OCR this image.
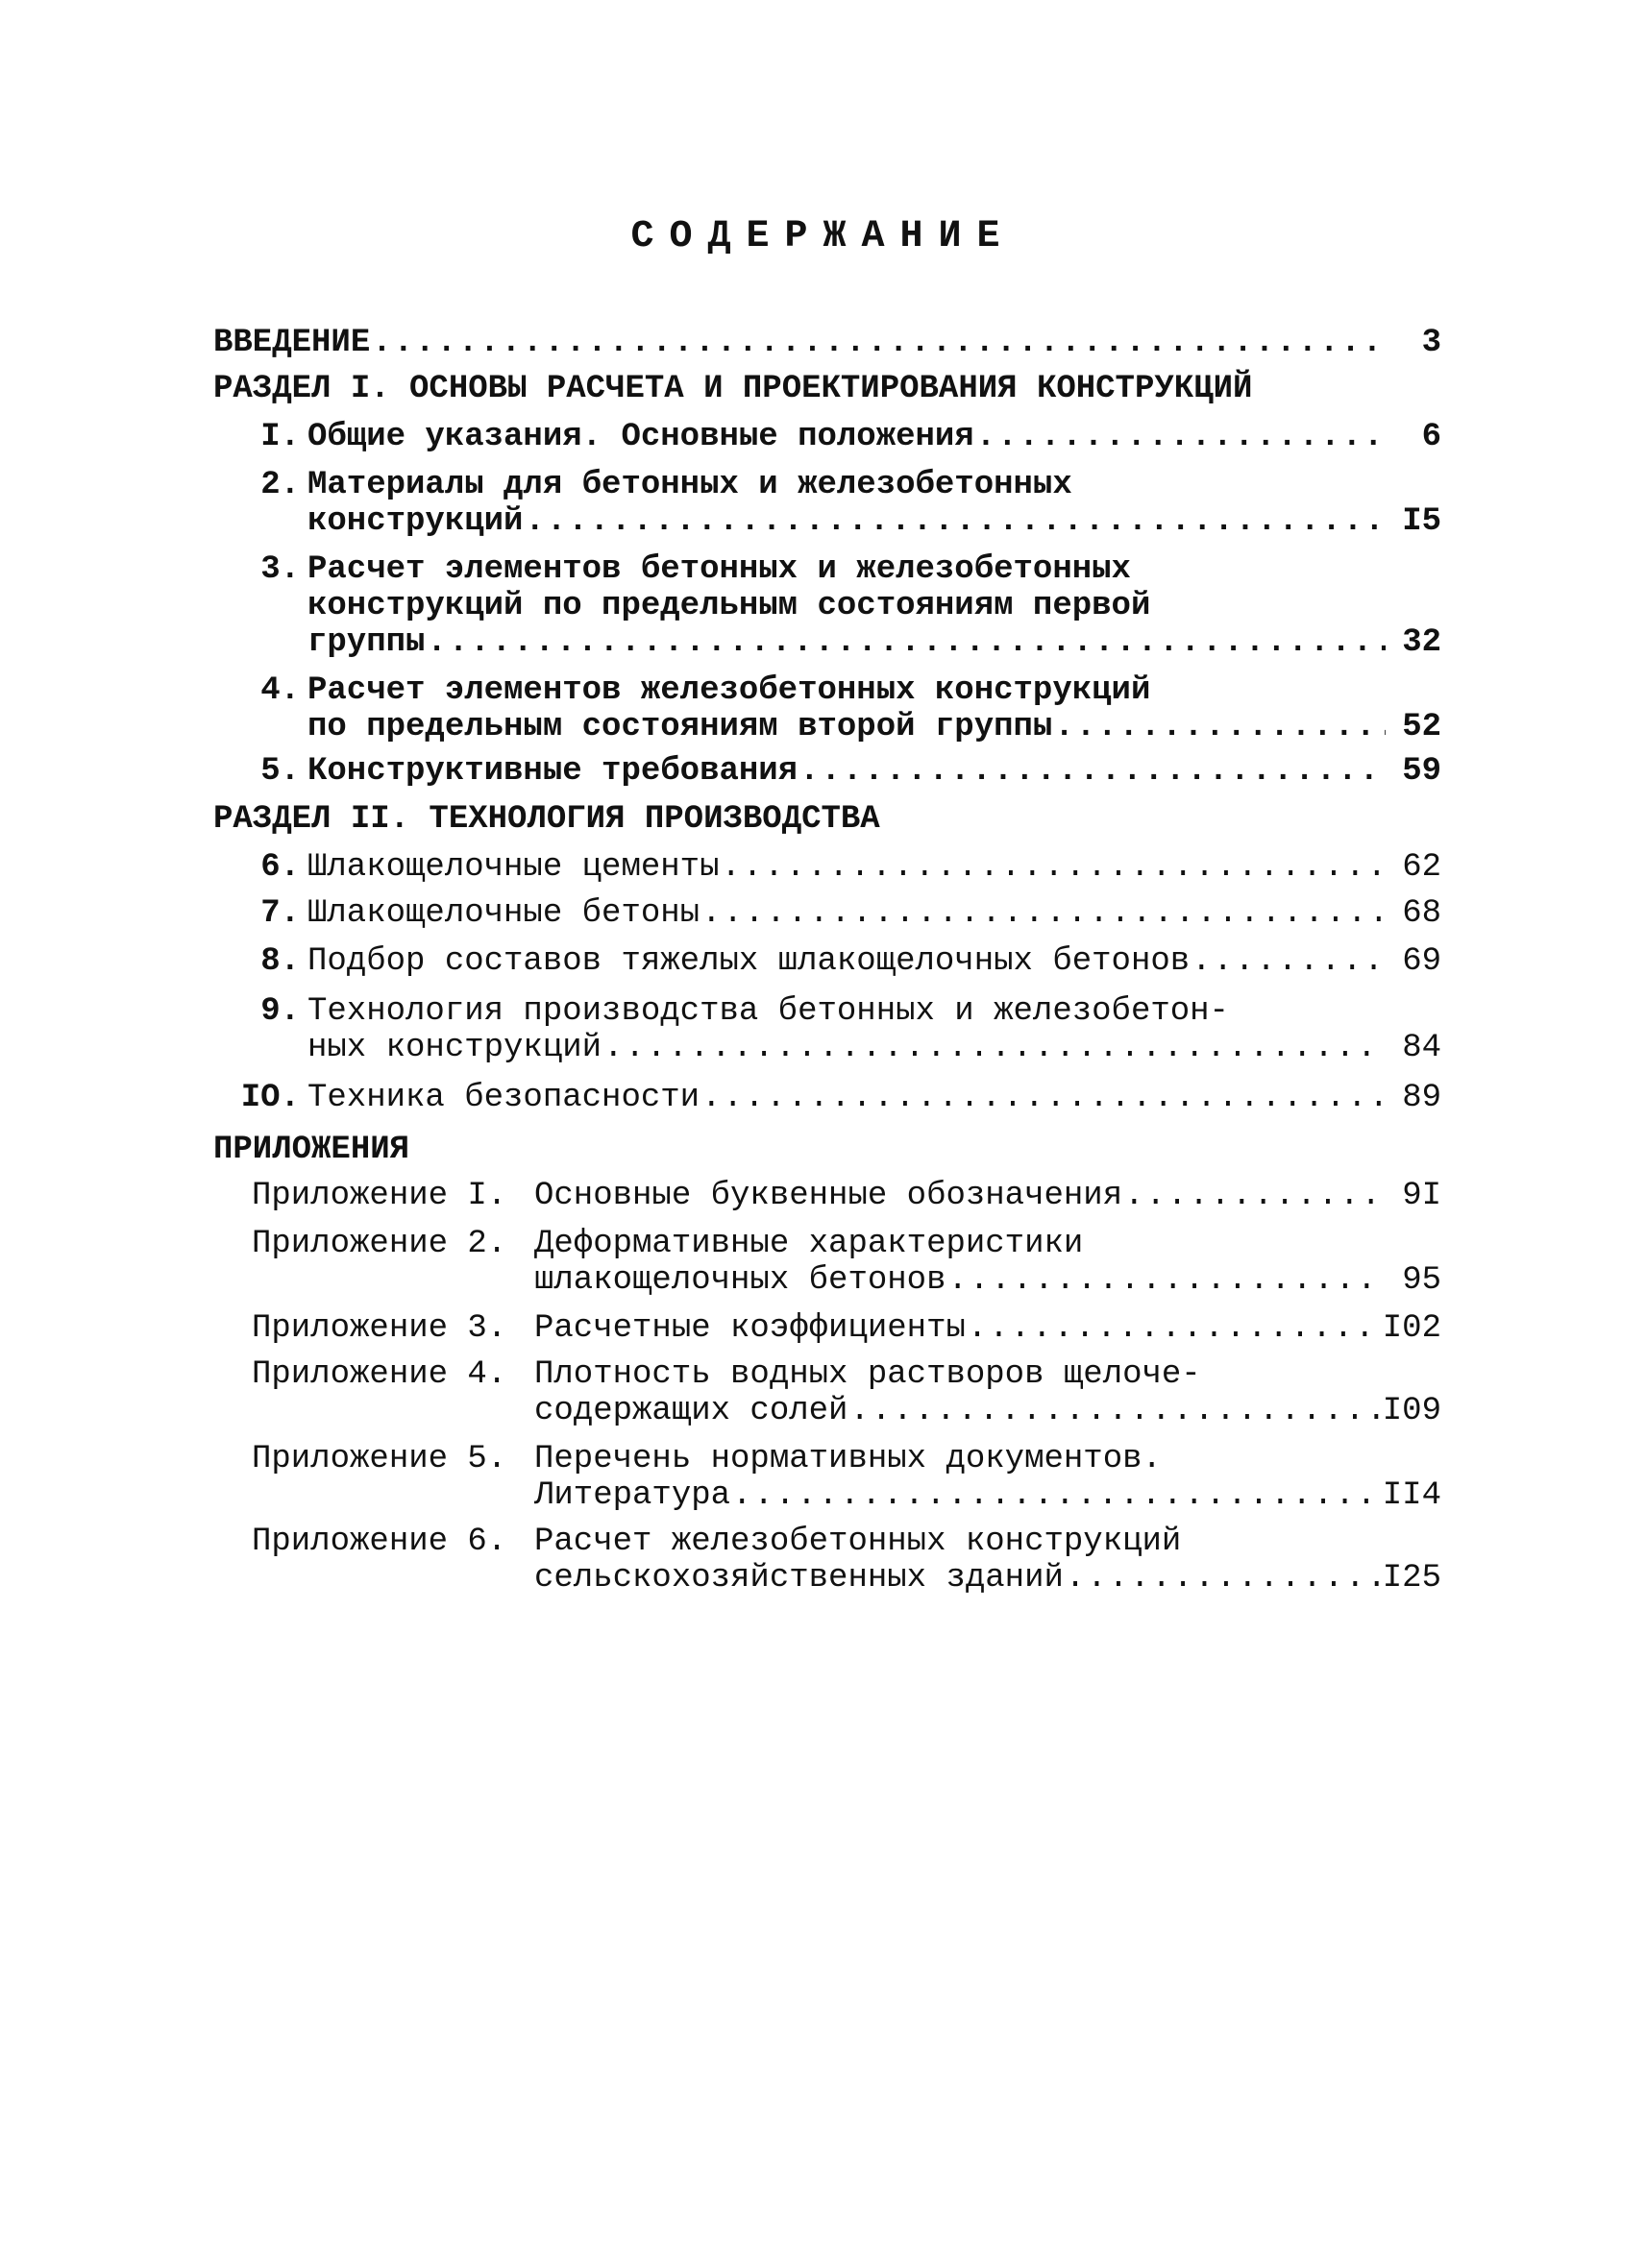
СОДЕРЖАНИЕ
ВВЕДЕНИЕ .....	3
РАЗДЕЛ I. ОСНОВЫ РАСЧЕТА И ПРОЕКТИРОВАНИЯ КОНСТРУКЦИЙ
I. Общие указания. Основные положения .....	6
2. Материалы для бетонных и железобетонных
конструкций .....	I5
3. Расчет элементов бетонных и железобетонных
конструкций по предельным состояниям первой
группы .....	32
4. Расчет элементов железобетонных конструкций
по предельным состояниям второй группы .....	52
5. Конструктивные требования .....	59
РАЗДЕЛ II. ТЕХНОЛОГИЯ ПРОИЗВОДСТВА
6. Шлакощелочные цементы .....	62
7. Шлакощелочные бетоны .....	68
8. Подбор составов тяжелых шлакощелочных бетонов .....	69
9. Технология производства бетонных и железобетон-
ных конструкций .....	84
IO. Техника безопасности .....	89
ПРИЛОЖЕНИЯ
Приложение I. Основные буквенные обозначения .....	9I
Приложение 2. Деформативные характеристики
шлакощелочных бетонов .....	95
Приложение 3. Расчетные коэффициенты .....	I02
Приложение 4. Плотность водных растворов щелоче-
содержащих солей .....	I09
Приложение 5. Перечень нормативных документов.
Литература .....	II4
Приложение 6. Расчет железобетонных конструкций
сельскохозяйственных зданий .....	I25
